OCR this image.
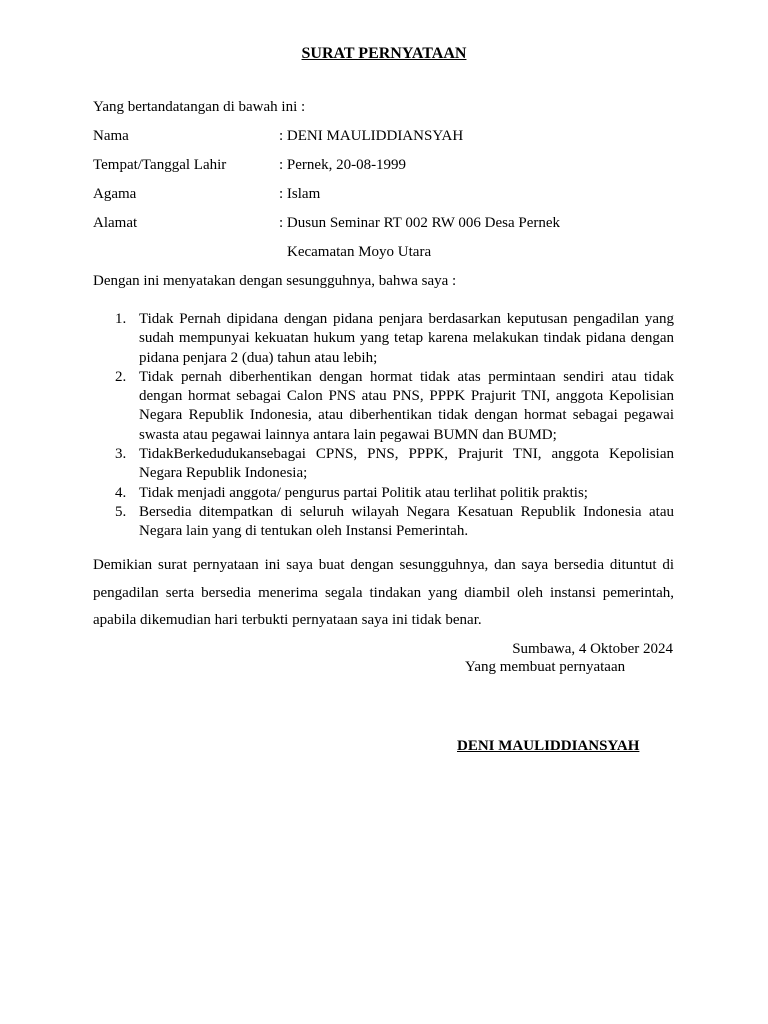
SURAT PERNYATAAN
Yang bertandatangan di bawah ini :
Nama	: DENI MAULIDDIANSYAH
Tempat/Tanggal Lahir	: Pernek, 20-08-1999
Agama	: Islam
Alamat	: Dusun Seminar RT 002 RW 006 Desa Pernek
Kecamatan Moyo Utara
Dengan ini menyatakan dengan sesungguhnya, bahwa saya :
Tidak Pernah dipidana dengan pidana penjara berdasarkan keputusan pengadilan yang sudah mempunyai kekuatan hukum yang tetap karena melakukan tindak pidana dengan pidana penjara 2 (dua) tahun atau lebih;
Tidak pernah diberhentikan dengan hormat tidak atas permintaan sendiri atau tidak dengan hormat sebagai Calon PNS atau PNS, PPPK Prajurit TNI, anggota Kepolisian Negara Republik Indonesia, atau diberhentikan tidak dengan hormat sebagai pegawai swasta atau pegawai lainnya antara lain pegawai BUMN dan BUMD;
TidakBerkedudukansebagai CPNS, PNS, PPPK, Prajurit TNI, anggota Kepolisian Negara Republik Indonesia;
Tidak menjadi anggota/ pengurus partai Politik atau terlihat politik praktis;
Bersedia ditempatkan di seluruh wilayah Negara Kesatuan Republik Indonesia atau Negara lain yang di tentukan oleh Instansi Pemerintah.

Demikian surat pernyataan ini saya buat dengan sesungguhnya, dan saya bersedia dituntut di pengadilan serta bersedia menerima segala tindakan yang diambil oleh instansi pemerintah, apabila dikemudian hari terbukti pernyataan saya ini tidak benar.

Sumbawa, 4 Oktober 2024
Yang membuat pernyataan
DENI MAULIDDIANSYAH
